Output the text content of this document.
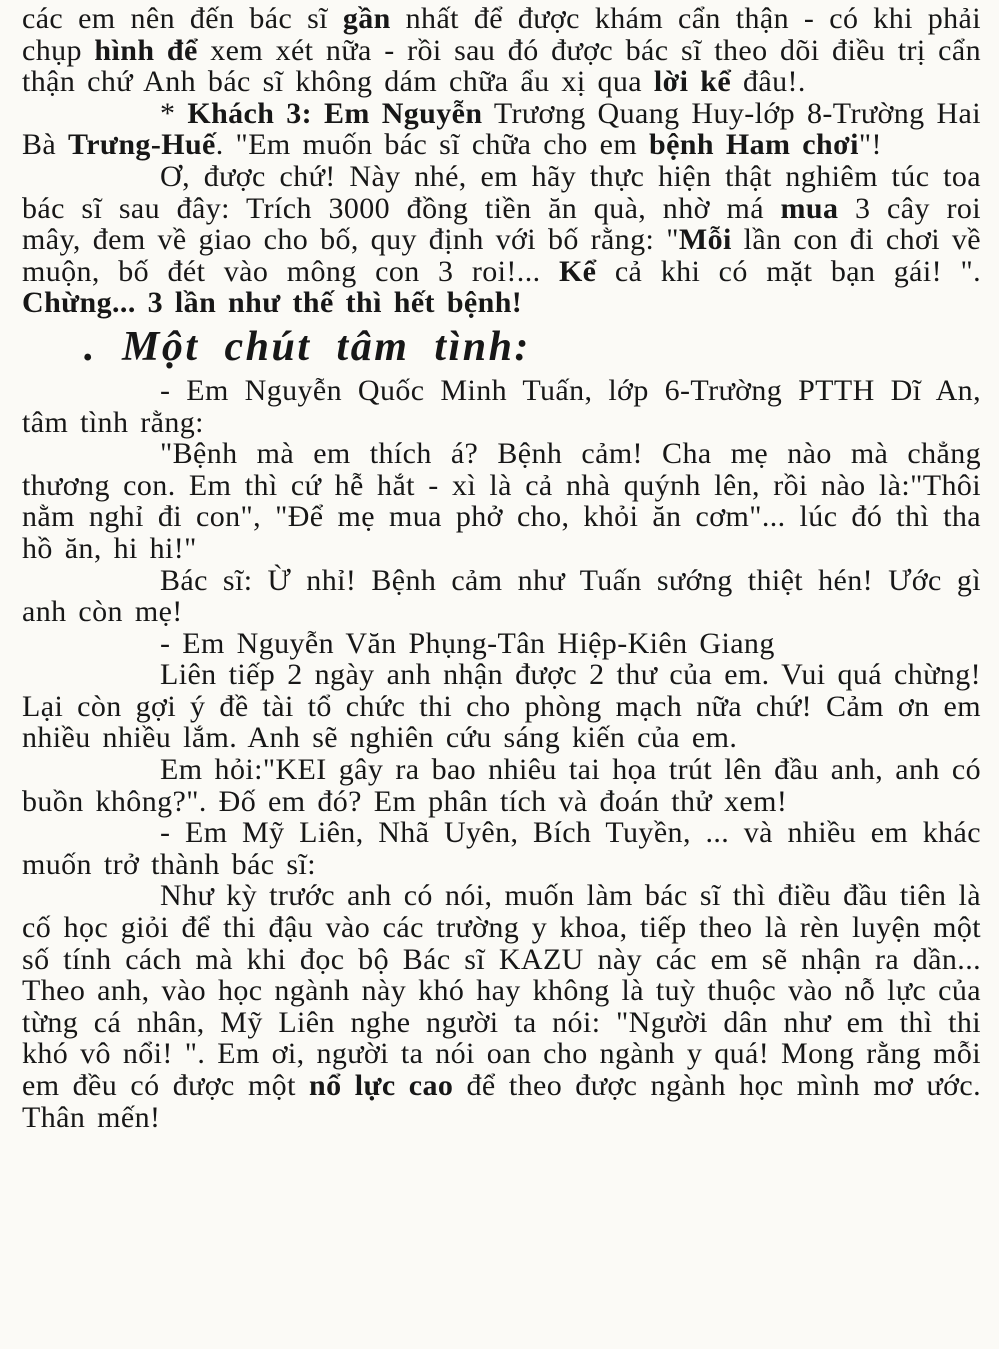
các em nên đến bác sĩ gần nhất để được khám cẩn thận - có khi phải chụp hình để xem xét nữa - rồi sau đó được bác sĩ theo dõi điều trị cẩn thận chứ Anh bác sĩ không dám chữa ẩu xị qua lời kể đâu!.

* Khách 3: Em Nguyễn Trương Quang Huy-lớp 8-Trường Hai Bà Trưng-Huế. "Em muốn bác sĩ chữa cho em bệnh Ham chơi"!

Ơ, được chứ! Này nhé, em hãy thực hiện thật nghiêm túc toa bác sĩ sau đây: Trích 3000 đồng tiền ăn quà, nhờ má mua 3 cây roi mây, đem về giao cho bố, quy định với bố rằng: "Mỗi lần con đi chơi về muộn, bố đét vào mông con 3 roi!... Kể cả khi có mặt bạn gái! ". Chừng... 3 lần như thế thì hết bệnh!

. Một chút tâm tình:

- Em Nguyễn Quốc Minh Tuấn, lớp 6-Trường PTTH Dĩ An, tâm tình rằng:

"Bệnh mà em thích á? Bệnh cảm! Cha mẹ nào mà chẳng thương con. Em thì cứ hễ hắt - xì là cả nhà quýnh lên, rồi nào là:"Thôi nằm nghỉ đi con", "Để mẹ mua phở cho, khỏi ăn cơm"... lúc đó thì tha hồ ăn, hi hi!"

Bác sĩ: Ừ nhỉ! Bệnh cảm như Tuấn sướng thiệt hén! Ước gì anh còn mẹ!

- Em Nguyễn Văn Phụng-Tân Hiệp-Kiên Giang

Liên tiếp 2 ngày anh nhận được 2 thư của em. Vui quá chừng! Lại còn gợi ý đề tài tổ chức thi cho phòng mạch nữa chứ! Cảm ơn em nhiều nhiều lắm. Anh sẽ nghiên cứu sáng kiến của em.

Em hỏi:"KEI gây ra bao nhiêu tai họa trút lên đầu anh, anh có buồn không?". Đố em đó? Em phân tích và đoán thử xem!

- Em Mỹ Liên, Nhã Uyên, Bích Tuyền, ... và nhiều em khác muốn trở thành bác sĩ:

Như kỳ trước anh có nói, muốn làm bác sĩ thì điều đầu tiên là cố học giỏi để thi đậu vào các trường y khoa, tiếp theo là rèn luyện một số tính cách mà khi đọc bộ Bác sĩ KAZU này các em sẽ nhận ra dần... Theo anh, vào học ngành này khó hay không là tuỳ thuộc vào nỗ lực của từng cá nhân, Mỹ Liên nghe người ta nói: "Người dân như em thì thi khó vô nổi! ". Em ơi, người ta nói oan cho ngành y quá! Mong rằng mỗi em đều có được một nổ lực cao để theo được ngành học mình mơ ước. Thân mến!
